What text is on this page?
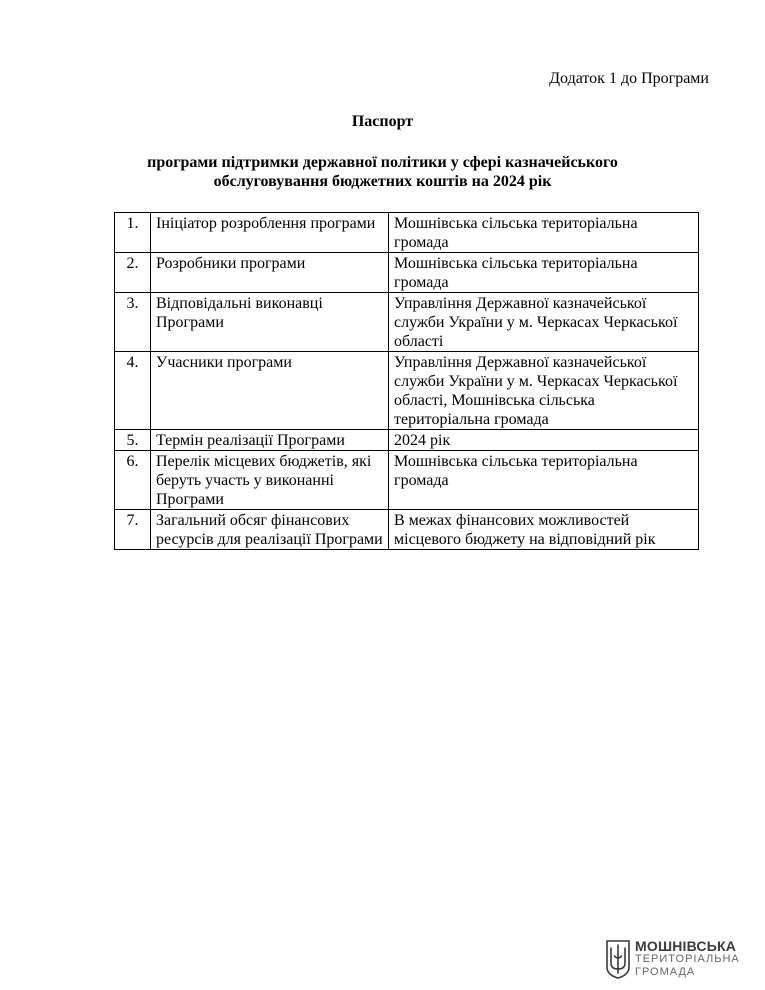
Додаток 1 до Програми
Паспорт
програми підтримки державної політики у сфері казначейського обслуговування бюджетних коштів на 2024 рік
1.	Ініціатор розроблення програми	Мошнівська сільська територіальна громада
2.	Розробники програми	Мошнівська сільська територіальна громада
3.	Відповідальні виконавці Програми	Управління Державної казначейської служби України у м. Черкасах Черкаської області
4.	Учасники програми	Управління Державної казначейської служби України у м. Черкасах Черкаської області, Мошнівська сільська територіальна громада
5.	Термін реалізації Програми	2024 рік
6.	Перелік місцевих бюджетів, які беруть участь у виконанні Програми	Мошнівська сільська територіальна громада
7.	Загальний обсяг фінансових ресурсів для реалізації Програми	В межах фінансових можливостей місцевого бюджету на відповідний рік
МОШНІВСЬКА
ТЕРИТОРІАЛЬНА
ГРОМАДА
